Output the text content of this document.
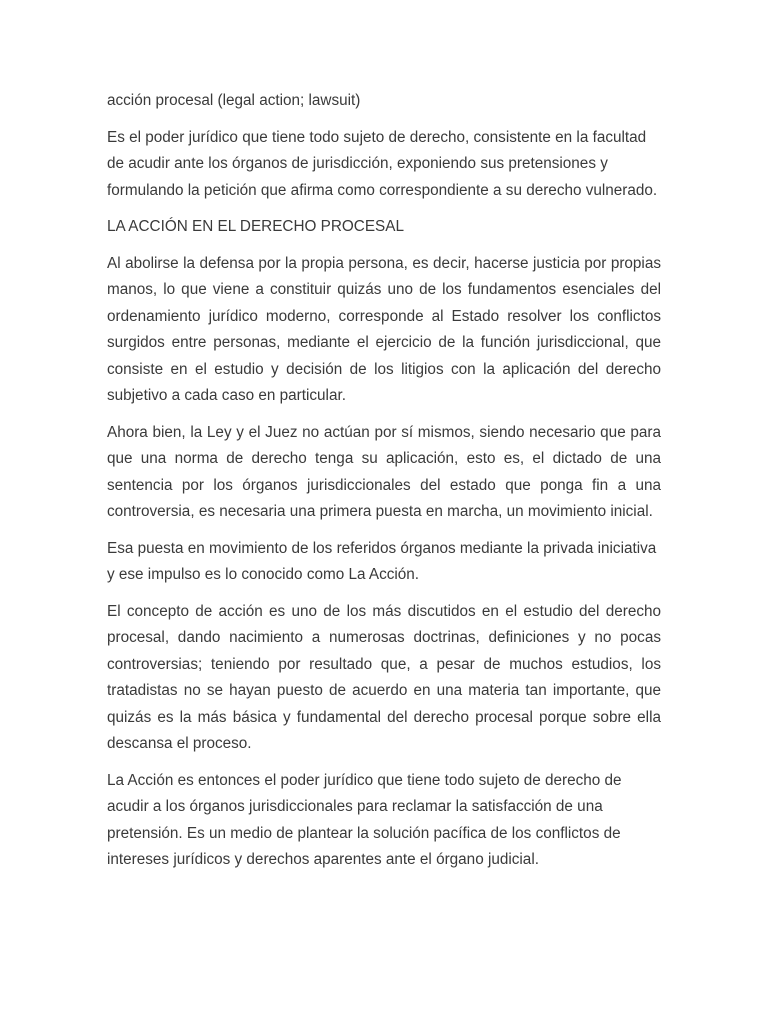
acción procesal (legal action; lawsuit)

Es el poder jurídico que tiene todo sujeto de derecho, consistente en la facultad de acudir ante los órganos de jurisdicción, exponiendo sus pretensiones y formulando la petición que afirma como correspondiente a su derecho vulnerado.

LA ACCIÓN EN EL DERECHO PROCESAL

Al abolirse la defensa por la propia persona, es decir, hacerse justicia por propias manos, lo que viene a constituir quizás uno de los fundamentos esenciales del ordenamiento jurídico moderno, corresponde al Estado resolver los conflictos surgidos entre personas, mediante el ejercicio de la función jurisdiccional, que consiste en el estudio y decisión de los litigios con la aplicación del derecho subjetivo a cada caso en particular.

Ahora bien, la Ley y el Juez no actúan por sí mismos, siendo necesario que para que una norma de derecho tenga su aplicación, esto es, el dictado de una sentencia por los órganos jurisdiccionales del estado que ponga fin a una controversia, es necesaria una primera puesta en marcha, un movimiento inicial.

Esa puesta en movimiento de los referidos órganos mediante la privada iniciativa y ese impulso es lo conocido como La Acción.

El concepto de acción es uno de los más discutidos en el estudio del derecho procesal, dando nacimiento a numerosas doctrinas, definiciones y no pocas controversias; teniendo por resultado que, a pesar de muchos estudios, los tratadistas no se hayan puesto de acuerdo en una materia tan importante, que quizás es la más básica y fundamental del derecho procesal porque sobre ella descansa el proceso.

La Acción es entonces el poder jurídico que tiene todo sujeto de derecho de acudir a los órganos jurisdiccionales para reclamar la satisfacción de una pretensión. Es un medio de plantear la solución pacífica de los conflictos de intereses jurídicos y derechos aparentes ante el órgano judicial.
